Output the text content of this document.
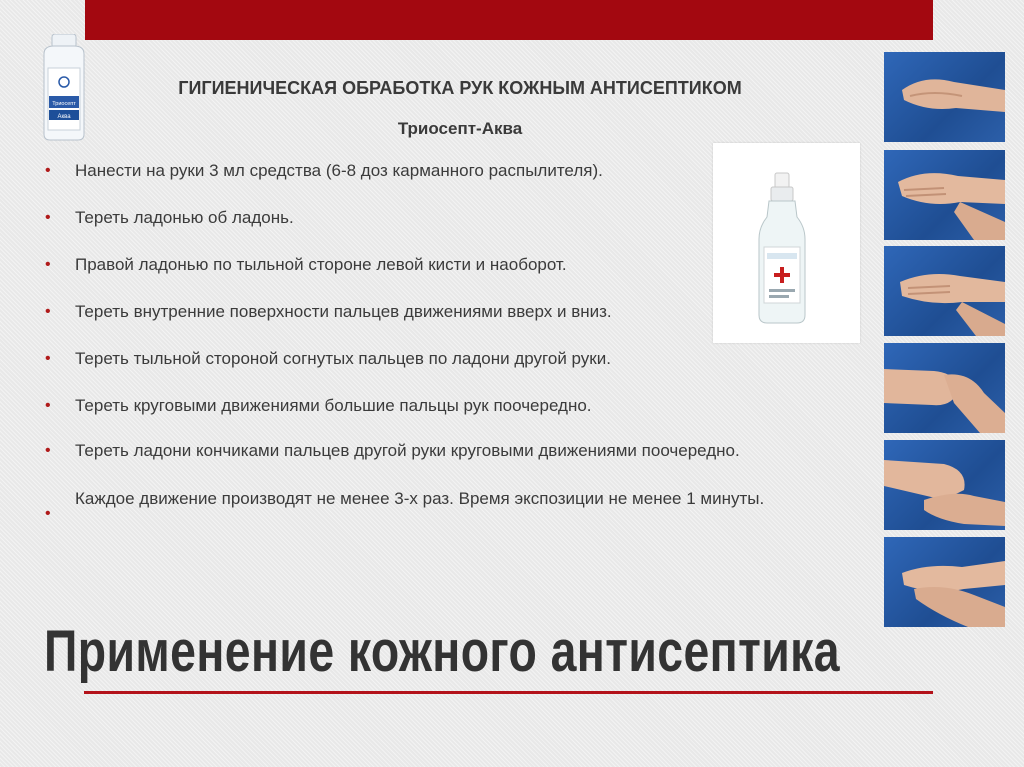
Триосепт
Аква
ГИГИЕНИЧЕСКАЯ ОБРАБОТКА РУК КОЖНЫМ АНТИСЕПТИКОМ
Триосепт-Аква
• Нанести на руки 3 мл средства (6-8 доз карманного распылителя).
• Тереть ладонью об ладонь.
• Правой ладонью по тыльной стороне левой кисти и наоборот.
• Тереть внутренние поверхности пальцев движениями вверх и вниз.
• Тереть тыльной стороной согнутых пальцев по ладони другой руки.
• Тереть круговыми движениями большие пальцы рук поочередно.
• Тереть ладони кончиками пальцев другой руки круговыми движениями поочередно.
•
Каждое движение производят не менее 3-х раз. Время экспозиции не менее 1 минуты.
Применение кожного антисептика
